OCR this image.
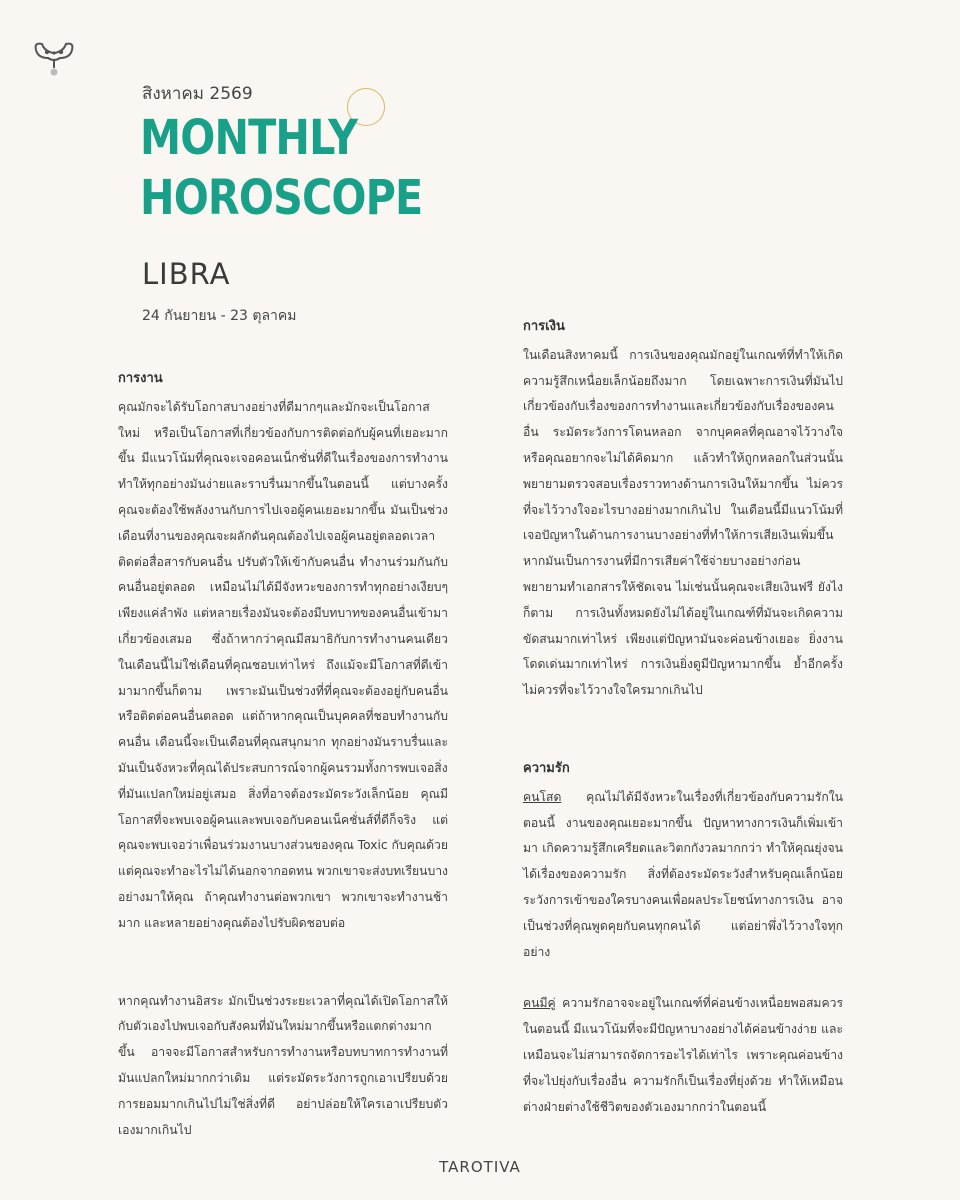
สิงหาคม 2569
MONTHLY
HOROSCOPE
LIBRA
24 กันยายน - 23 ตุลาคม
การงาน
คุณมักจะได้รับโอกาสบางอย่างที่ดีมากๆและมักจะเป็นโอกาสใหม่ หรือเป็นโอกาสที่เกี่ยวข้องกับการติดต่อกับผู้คนที่เยอะมากขึ้น มีแนวโน้มที่คุณจะเจอคอนเน็กชั่นที่ดีในเรื่องของการทำงาน ทำให้ทุกอย่างมันง่ายและราบรื่นมากขึ้นในตอนนี้ แต่บางครั้งคุณจะต้องใช้พลังงานกับการไปเจอผู้คนเยอะมากขึ้น มันเป็นช่วงเดือนที่งานของคุณจะผลักดันคุณต้องไปเจอผู้คนอยู่ตลอดเวลา ติดต่อสื่อสารกับคนอื่น ปรับตัวให้เข้ากับคนอื่น ทำงานร่วมกันกับคนอื่นอยู่ตลอด เหมือนไม่ได้มีจังหวะของการทำทุกอย่างเงียบๆเพียงแค่ลำพัง แต่หลายเรื่องมันจะต้องมีบทบาทของคนอื่นเข้ามาเกี่ยวข้องเสมอ ซึ่งถ้าหากว่าคุณมีสมาธิกับการทำงานคนเดียว ในเดือนนี้ไม่ใช่เดือนที่คุณชอบเท่าไหร่ ถึงแม้จะมีโอกาสที่ดีเข้ามามากขึ้นก็ตาม เพราะมันเป็นช่วงที่ที่คุณจะต้องอยู่กับคนอื่นหรือติดต่อคนอื่นตลอด แต่ถ้าหากคุณเป็นบุคคลที่ชอบทำงานกับคนอื่น เดือนนี้จะเป็นเดือนที่คุณสนุกมาก ทุกอย่างมันราบรื่นและมันเป็นจังหวะที่คุณได้ประสบการณ์จากผู้คนรวมทั้งการพบเจอสิ่งที่มันแปลกใหม่อยู่เสมอ สิ่งที่อาจต้องระมัดระวังเล็กน้อย คุณมีโอกาสที่จะพบเจอผู้คนและพบเจอกับคอนเน็คชั่นส์ที่ดีก็จริง แต่คุณจะพบเจอว่าเพื่อนร่วมงานบางส่วนของคุณ Toxic กับคุณด้วย แต่คุณจะทำอะไรไม่ได้นอกจากอดทน พวกเขาจะส่งบทเรียนบางอย่างมาให้คุณ ถ้าคุณทำงานต่อพวกเขา พวกเขาจะทำงานช้ามาก และหลายอย่างคุณต้องไปรับผิดชอบต่อ
หากคุณทำงานอิสระ มักเป็นช่วงระยะเวลาที่คุณได้เปิดโอกาสให้กับตัวเองไปพบเจอกับสังคมที่มันใหม่มากขึ้นหรือแตกต่างมากขึ้น อาจจะมีโอกาสสำหรับการทำงานหรือบทบาทการทำงานที่มันแปลกใหม่มากกว่าเดิม แต่ระมัดระวังการถูกเอาเปรียบด้วย การยอมมากเกินไปไม่ใช่สิ่งที่ดี อย่าปล่อยให้ใครเอาเปรียบตัวเองมากเกินไป
การเงิน
ในเดือนสิงหาคมนี้ การเงินของคุณมักอยู่ในเกณฑ์ที่ทำให้เกิดความรู้สึกเหนื่อยเล็กน้อยถึงมาก โดยเฉพาะการเงินที่มันไปเกี่ยวข้องกับเรื่องของการทำงานและเกี่ยวข้องกับเรื่องของคนอื่น ระมัดระวังการโดนหลอก จากบุคคลที่คุณอาจไว้วางใจหรือคุณอยากจะไม่ได้คิดมาก แล้วทำให้ถูกหลอกในส่วนนั้น พยายามตรวจสอบเรื่องราวทางด้านการเงินให้มากขึ้น ไม่ควรที่จะไว้วางใจอะไรบางอย่างมากเกินไป ในเดือนนี้มีแนวโน้มที่เจอปัญหาในด้านการงานบางอย่างที่ทำให้การเสียเงินเพิ่มขึ้น หากมันเป็นการงานที่มีการเสียค่าใช้จ่ายบางอย่างก่อน พยายามทำเอกสารให้ชัดเจน ไม่เช่นนั้นคุณจะเสียเงินฟรี ยังไงก็ตาม การเงินทั้งหมดยังไม่ได้อยู่ในเกณฑ์ที่มันจะเกิดความขัดสนมากเท่าไหร่ เพียงแต่ปัญหามันจะค่อนข้างเยอะ ยิ่งงานโดดเด่นมากเท่าไหร่ การเงินยิ่งดูมีปัญหามากขึ้น ย้ำอีกครั้ง ไม่ควรที่จะไว้วางใจใครมากเกินไป
ความรัก
คนโสด คุณไม่ได้มีจังหวะในเรื่องที่เกี่ยวข้องกับความรักในตอนนี้ งานของคุณเยอะมากขึ้น ปัญหาทางการเงินก็เพิ่มเข้ามา เกิดความรู้สึกเครียดและวิตกกังวลมากกว่า ทำให้คุณยุ่งจนได้เรื่องของความรัก สิ่งที่ต้องระมัดระวังสำหรับคุณเล็กน้อย ระวังการเข้าของใครบางคนเพื่อผลประโยชน์ทางการเงิน อาจเป็นช่วงที่คุณพูดคุยกับคนทุกคนได้ แต่อย่าพึ่งไว้วางใจทุกอย่าง
คนมีคู่ ความรักอาจจะอยู่ในเกณฑ์ที่ค่อนข้างเหนื่อยพอสมควรในตอนนี้ มีแนวโน้มที่จะมีปัญหาบางอย่างได้ค่อนข้างง่าย และเหมือนจะไม่สามารถจัดการอะไรได้เท่าไร เพราะคุณค่อนข้างที่จะไปยุ่งกับเรื่องอื่น ความรักก็เป็นเรื่องที่ยุ่งด้วย ทำให้เหมือนต่างฝ่ายต่างใช้ชีวิตของตัวเองมากกว่าในตอนนี้
TAROTIVA
